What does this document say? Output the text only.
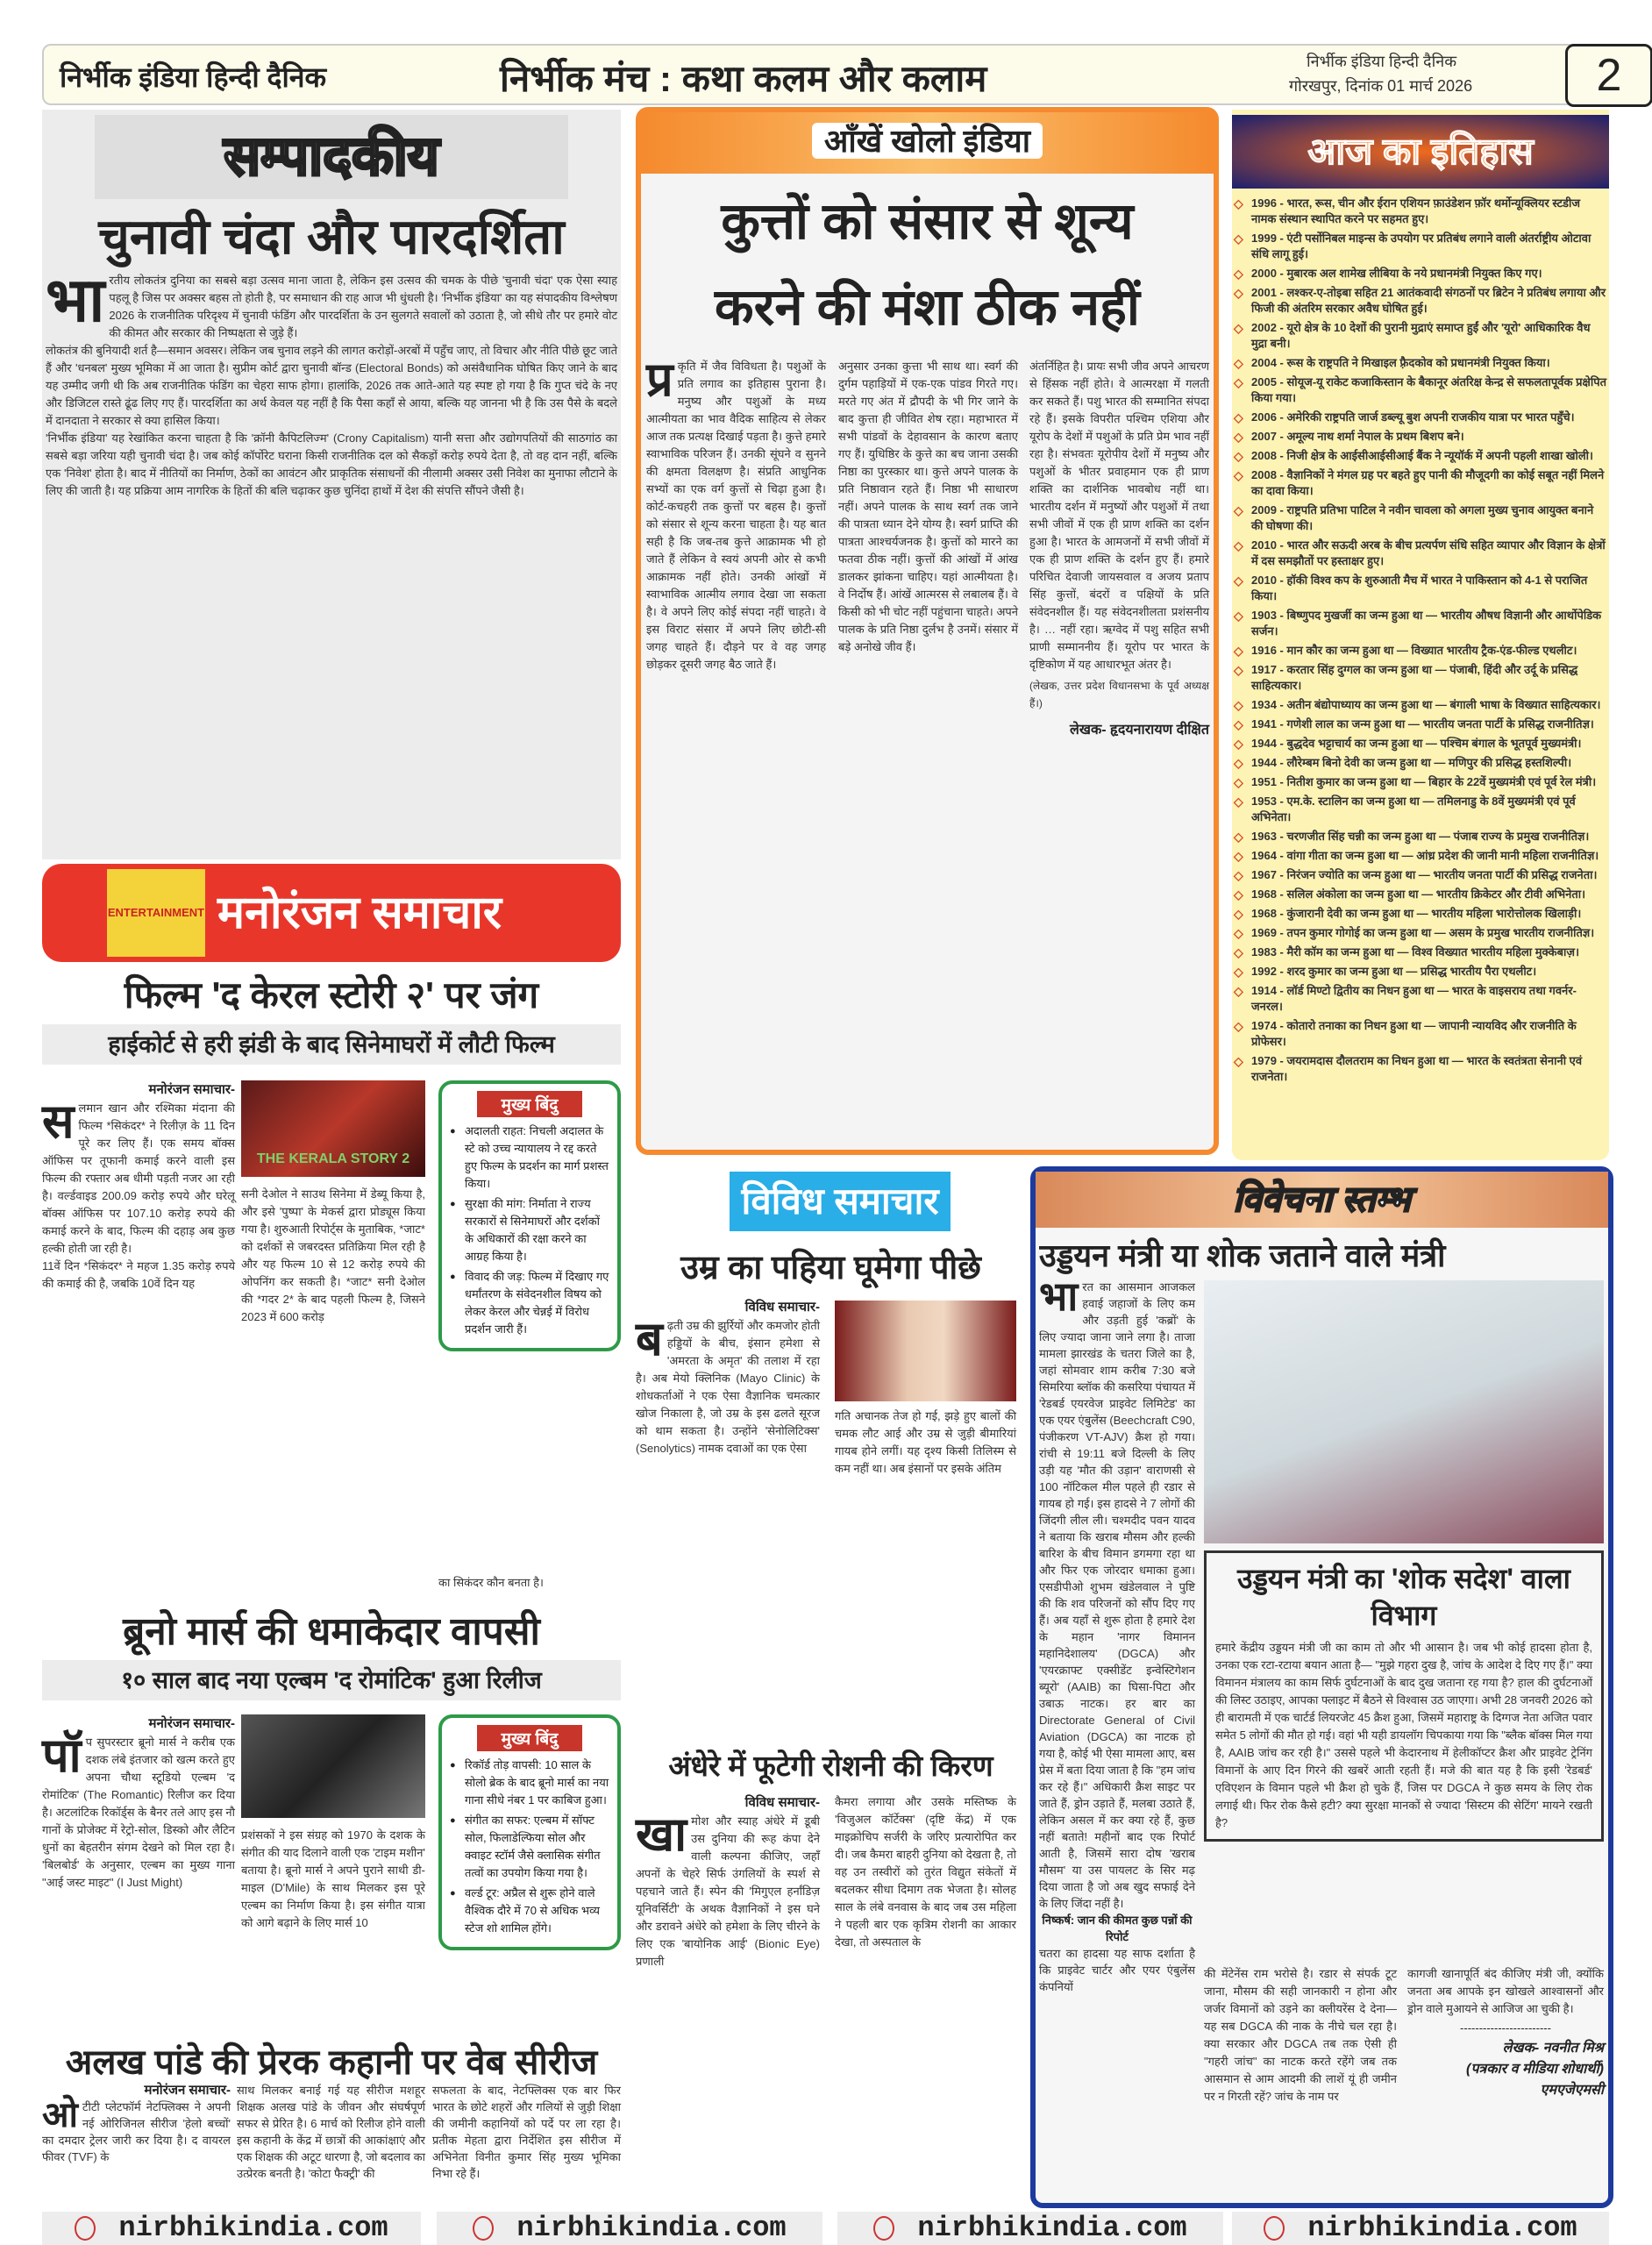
निर्भीक इंडिया हिन्दी दैनिक	निर्भीक मंच : कथा कलम और कलाम	निर्भीक इंडिया हिन्दी दैनिक
गोरखपुर, दिनांक 01 मार्च 2026	2
सम्पादकीय
चुनावी चंदा और पारदर्शिता
भा रतीय लोकतंत्र दुनिया का सबसे बड़ा उत्सव माना जाता है, लेकिन इस उत्सव की चमक के पीछे 'चुनावी चंदा' एक ऐसा स्याह पहलू है जिस पर अक्सर बहस तो होती है, पर समाधान की राह आज भी धुंधली है। 'निर्भीक इंडिया' का यह संपादकीय विश्लेषण 2026 के राजनीतिक परिदृश्य में चुनावी फंडिंग और पारदर्शिता के उन सुलगते सवालों को उठाता है, जो सीधे तौर पर हमारे वोट की कीमत और सरकार की निष्पक्षता से जुड़े हैं।

लोकतंत्र की बुनियादी शर्त है—समान अवसर। लेकिन जब चुनाव लड़ने की लागत करोड़ों-अरबों में पहुँच जाए, तो विचार और नीति पीछे छूट जाते हैं और 'धनबल' मुख्य भूमिका में आ जाता है। सुप्रीम कोर्ट द्वारा चुनावी बॉन्ड (Electoral Bonds) को असंवैधानिक घोषित किए जाने के बाद यह उम्मीद जगी थी कि अब राजनीतिक फंडिंग का चेहरा साफ होगा। हालांकि, 2026 तक आते-आते यह स्पष्ट हो गया है कि गुप्त चंदे के नए और डिजिटल रास्ते ढूंढ लिए गए हैं। पारदर्शिता का अर्थ केवल यह नहीं है कि पैसा कहाँ से आया, बल्कि यह जानना भी है कि उस पैसे के बदले में दानदाता ने सरकार से क्या हासिल किया।

'निर्भीक इंडिया' यह रेखांकित करना चाहता है कि 'क्रॉनी कैपिटलिज्म' (Crony Capitalism) यानी सत्ता और उद्योगपतियों की साठगांठ का सबसे बड़ा जरिया यही चुनावी चंदा है। जब कोई कॉर्पोरेट घराना किसी राजनीतिक दल को सैकड़ों करोड़ रुपये देता है, तो वह दान नहीं, बल्कि एक 'निवेश' होता है। बाद में नीतियों का निर्माण, ठेकों का आवंटन और प्राकृतिक संसाधनों की नीलामी अक्सर उसी निवेश का मुनाफा लौटाने के लिए की जाती है। यह प्रक्रिया आम नागरिक के हितों की बलि चढ़ाकर कुछ चुनिंदा हाथों में देश की संपत्ति सौंपने जैसी है।

ENTERTAINMENT मनोरंजन समाचार
फिल्म 'द केरल स्टोरी २' पर जंग
हाईकोर्ट से हरी झंडी के बाद सिनेमाघरों में लौटी फिल्म
मनोरंजन समाचार-
स लमान खान और रश्मिका मंदाना की फिल्म *सिकंदर* ने रिलीज़ के 11 दिन पूरे कर लिए हैं। एक समय बॉक्स ऑफिस पर तूफानी कमाई करने वाली इस फिल्म की रफ्तार अब धीमी पड़ती नजर आ रही है। वर्ल्डवाइड 200.09 करोड़ रुपये और घरेलू बॉक्स ऑफिस पर 107.10 करोड़ रुपये की कमाई करने के बाद, फिल्म की दहाड़ अब कुछ हल्की होती जा रही है।

11वें दिन *सिकंदर* ने महज 1.35 करोड़ रुपये की कमाई की है, जबकि 10वें दिन यह

THE KERALA STORY 2
सनी देओल ने साउथ सिनेमा में डेब्यू किया है, और इसे 'पुष्पा' के मेकर्स द्वारा प्रोड्यूस किया गया है। शुरुआती रिपोर्ट्स के मुताबिक, *जाट* को दर्शकों से जबरदस्त प्रतिक्रिया मिल रही है और यह फिल्म 10 से 12 करोड़ रुपये की ओपनिंग कर सकती है। *जाट* सनी देओल की *गदर 2* के बाद पहली फिल्म है, जिसने 2023 में 600 करोड़
मुख्य बिंदु
● अदालती राहत: निचली अदालत के स्टे को उच्च न्यायालय ने रद्द करते हुए फिल्म के प्रदर्शन का मार्ग प्रशस्त किया।
● सुरक्षा की मांग: निर्माता ने राज्य सरकारों से सिनेमाघरों और दर्शकों के अधिकारों की रक्षा करने का आग्रह किया है।
● विवाद की जड़: फिल्म में दिखाए गए धर्मांतरण के संवेदनशील विषय को लेकर केरल और चेन्नई में विरोध प्रदर्शन जारी हैं।
का सिकंदर कौन बनता है।
ब्रूनो मार्स की धमाकेदार वापसी
१० साल बाद नया एल्बम 'द रोमांटिक' हुआ रिलीज
मनोरंजन समाचार-
पॉ प सुपरस्टार ब्रूनो मार्स ने करीब एक दशक लंबे इंतजार को खत्म करते हुए अपना चौथा स्टूडियो एल्बम 'द रोमांटिक' (The Romantic) रिलीज कर दिया है। अटलांटिक रिकॉर्ड्स के बैनर तले आए इस नौ गानों के प्रोजेक्ट में रेट्रो-सोल, डिस्को और लैटिन धुनों का बेहतरीन संगम देखने को मिल रहा है। 'बिलबोर्ड' के अनुसार, एल्बम का मुख्य गाना "आई जस्ट माइट" (I Just Might)

प्रशंसकों ने इस संग्रह को 1970 के दशक के संगीत की याद दिलाने वाली एक 'टाइम मशीन' बताया है। ब्रूनो मार्स ने अपने पुराने साथी डी-माइल (D'Mile) के साथ मिलकर इस पूरे एल्बम का निर्माण किया है। इस संगीत यात्रा को आगे बढ़ाने के लिए मार्स 10
मुख्य बिंदु
● रिकॉर्ड तोड़ वापसी: 10 साल के सोलो ब्रेक के बाद ब्रूनो मार्स का नया गाना सीधे नंबर 1 पर काबिज हुआ।
● संगीत का सफर: एल्बम में सॉफ्ट सोल, फिलाडेल्फिया सोल और क्वाइट स्टॉर्म जैसे क्लासिक संगीत तत्वों का उपयोग किया गया है।
● वर्ल्ड टूर: अप्रैल से शुरू होने वाले वैश्विक दौरे में 70 से अधिक भव्य स्टेज शो शामिल होंगे।
अलख पांडे की प्रेरक कहानी पर वेब सीरीज
मनोरंजन समाचार-
ओ टीटी प्लेटफॉर्म नेटफ्लिक्स ने अपनी नई ओरिजिनल सीरीज 'हेलो बच्चों' का दमदार ट्रेलर जारी कर दिया है। द वायरल फीवर (TVF) के
साथ मिलकर बनाई गई यह सीरीज मशहूर शिक्षक अलख पांडे के जीवन और संघर्षपूर्ण सफर से प्रेरित है। 6 मार्च को रिलीज होने वाली इस कहानी के केंद्र में छात्रों की आकांक्षाएं और एक शिक्षक की अटूट धारणा है, जो बदलाव का उत्प्रेरक बनती है। 'कोटा फैक्ट्री' की
सफलता के बाद, नेटफ्लिक्स एक बार फिर भारत के छोटे शहरों और गलियों से जुड़ी शिक्षा की जमीनी कहानियों को पर्दे पर ला रहा है। प्रतीक मेहता द्वारा निर्देशित इस सीरीज में अभिनेता विनीत कुमार सिंह मुख्य भूमिका निभा रहे हैं।
आँखें खोलो इंडिया
कुत्तों को संसार से शून्य
करने की मंशा ठीक नहीं
प्र कृति में जैव विविधता है। पशुओं के प्रति लगाव का इतिहास पुराना है। मनुष्य और पशुओं के मध्य आत्मीयता का भाव वैदिक साहित्य से लेकर आज तक प्रत्यक्ष दिखाई पड़ता है। कुत्ते हमारे स्वाभाविक परिजन हैं। उनकी सूंघने व सुनने की क्षमता विलक्षण है। संप्रति आधुनिक सभ्यों का एक वर्ग कुत्तों से चिढ़ा हुआ है। कोर्ट-कचहरी तक कुत्तों पर बहस है। कुत्तों को संसार से शून्य करना चाहता है। यह बात सही है कि जब-तब कुत्ते आक्रामक भी हो जाते हैं लेकिन वे स्वयं अपनी ओर से कभी आक्रामक नहीं होते। उनकी आंखों में स्वाभाविक आत्मीय लगाव देखा जा सकता है। वे अपने लिए कोई संपदा नहीं चाहते। वे इस विराट संसार में अपने लिए छोटी-सी जगह चाहते हैं। दौड़ने पर वे वह जगह छोड़कर दूसरी जगह बैठ जाते हैं।
अनुसार उनका कुत्ता भी साथ था। स्वर्ग की दुर्गम पहाड़ियों में एक-एक पांडव गिरते गए। मरते गए अंत में द्रौपदी के भी गिर जाने के बाद कुत्ता ही जीवित शेष रहा। महाभारत में सभी पांडवों के देहावसान के कारण बताए गए हैं। युधिष्ठिर के कुत्ते का बच जाना उसकी निष्ठा का पुरस्कार था। कुत्ते अपने पालक के प्रति निष्ठावान रहते हैं। निष्ठा भी साधारण नहीं। अपने पालक के साथ स्वर्ग तक जाने की पात्रता ध्यान देने योग्य है। स्वर्ग प्राप्ति की पात्रता आश्चर्यजनक है। कुत्तों को मारने का फतवा ठीक नहीं। कुत्तों की आंखों में आंख डालकर झांकना चाहिए। यहां आत्मीयता है। वे निर्दोष हैं। आंखें आत्मरस से लबालब हैं। वे किसी को भी चोट नहीं पहुंचाना चाहते। अपने पालक के प्रति निष्ठा दुर्लभ है उनमें। संसार में बड़े अनोखे जीव हैं।
अंतर्निहित है। प्रायः सभी जीव अपने आचरण से हिंसक नहीं होते। वे आत्मरक्षा में गलती कर सकते हैं। पशु भारत की सम्मानित संपदा रहे हैं। इसके विपरीत पश्चिम एशिया और यूरोप के देशों में पशुओं के प्रति प्रेम भाव नहीं रहा है। संभवतः यूरोपीय देशों में मनुष्य और पशुओं के भीतर प्रवाहमान एक ही प्राण शक्ति का दार्शनिक भावबोध नहीं था। भारतीय दर्शन में मनुष्यों और पशुओं में तथा सभी जीवों में एक ही प्राण शक्ति का दर्शन हुआ है। भारत के आमजनों में सभी जीवों में एक ही प्राण शक्ति के दर्शन हुए हैं। हमारे परिचित देवाजी जायसवाल व अजय प्रताप सिंह कुत्तों, बंदरों व पक्षियों के प्रति संवेदनशील हैं। यह संवेदनशीलता प्रशंसनीय है। … नहीं रहा। ऋग्वेद में पशु सहित सभी प्राणी सम्माननीय हैं। यूरोप पर भारत के दृष्टिकोण में यह आधारभूत अंतर है।
(लेखक, उत्तर प्रदेश विधानसभा के पूर्व अध्यक्ष हैं।)
लेखक- हृदयनारायण दीक्षित
विविध समाचार
उम्र का पहिया घूमेगा पीछे
विविध समाचार-
ब ढ़ती उम्र की झुर्रियों और कमजोर होती हड्डियों के बीच, इंसान हमेशा से 'अमरता के अमृत' की तलाश में रहा है। अब मेयो क्लिनिक (Mayo Clinic) के शोधकर्ताओं ने एक ऐसा वैज्ञानिक चमत्कार खोज निकाला है, जो उम्र के इस ढलते सूरज को थाम सकता है। उन्होंने 'सेनोलिटिक्स' (Senolytics) नामक दवाओं का एक ऐसा
गति अचानक तेज हो गई, झड़े हुए बालों की चमक लौट आई और उम्र से जुड़ी बीमारियां गायब होने लगीं। यह दृश्य किसी तिलिस्म से कम नहीं था। अब इंसानों पर इसके अंतिम
अंधेरे में फूटेगी रोशनी की किरण
विविध समाचार-
खा मोश और स्याह अंधेरे में डूबी उस दुनिया की रूह कंपा देने वाली कल्पना कीजिए, जहाँ अपनों के चेहरे सिर्फ उंगलियों के स्पर्श से पहचाने जाते हैं। स्पेन की 'मिगुएल हर्नांडिज़ यूनिवर्सिटी' के अथक वैज्ञानिकों ने इस घने और डरावने अंधेरे को हमेशा के लिए चीरने के लिए एक 'बायोनिक आई' (Bionic Eye) प्रणाली
कैमरा लगाया और उसके मस्तिष्क के 'विजुअल कॉर्टेक्स' (दृष्टि केंद्र) में एक माइक्रोचिप सर्जरी के जरिए प्रत्यारोपित कर दी। जब कैमरा बाहरी दुनिया को देखता है, तो वह उन तस्वीरों को तुरंत विद्युत संकेतों में बदलकर सीधा दिमाग तक भेजता है। सोलह साल के लंबे वनवास के बाद जब उस महिला ने पहली बार एक कृत्रिम रोशनी का आकार देखा, तो अस्पताल के
आज का इतिहास
◇ 1996 - भारत, रूस, चीन और ईरान एशियन फ़ाउंडेशन फ़ॉर थर्मोन्यूक्लियर स्टडीज नामक संस्थान स्थापित करने पर सहमत हुए।
◇ 1999 - एंटी पर्सोनिबल माइन्स के उपयोग पर प्रतिबंध लगाने वाली अंतर्राष्ट्रीय ओटावा संधि लागू हुई।
◇ 2000 - मुबारक अल शामेख लीबिया के नये प्रधानमंत्री नियुक्त किए गए।
◇ 2001 - लश्कर-ए-तोइबा सहित 21 आतंकवादी संगठनों पर ब्रिटेन ने प्रतिबंध लगाया और फिजी की अंतरिम सरकार अवैध घोषित हुई।
◇ 2002 - यूरो क्षेत्र के 10 देशों की पुरानी मुद्राएं समाप्त हुईं और 'यूरो' आधिकारिक वैध मुद्रा बनी।
◇ 2004 - रूस के राष्ट्रपति ने मिखाइल फ़्रैदकोव को प्रधानमंत्री नियुक्त किया।
◇ 2005 - सोयूज-यू राकेट कजाकिस्तान के बैकानूर अंतरिक्ष केन्द्र से सफलतापूर्वक प्रक्षेपित किया गया।
◇ 2006 - अमेरिकी राष्ट्रपति जार्ज डब्ल्यू बुश अपनी राजकीय यात्रा पर भारत पहुँचे।
◇ 2007 - अमूल्य नाथ शर्मा नेपाल के प्रथम बिशप बने।
◇ 2008 - निजी क्षेत्र के आईसीआईसीआई बैंक ने न्यूयॉर्क में अपनी पहली शाखा खोली।
◇ 2008 - वैज्ञानिकों ने मंगल ग्रह पर बहते हुए पानी की मौजूदगी का कोई सबूत नहीं मिलने का दावा किया।
◇ 2009 - राष्ट्रपति प्रतिभा पाटिल ने नवीन चावला को अगला मुख्य चुनाव आयुक्त बनाने की घोषणा की।
◇ 2010 - भारत और सऊदी अरब के बीच प्रत्यर्पण संधि सहित व्यापार और विज्ञान के क्षेत्रों में दस समझौतों पर हस्ताक्षर हुए।
◇ 2010 - हॉकी विश्व कप के शुरुआती मैच में भारत ने पाकिस्तान को 4-1 से पराजित किया।
◇ 1903 - बिष्णुपद मुखर्जी का जन्म हुआ था — भारतीय औषध विज्ञानी और आर्थोपेडिक सर्जन।
◇ 1916 - मान कौर का जन्म हुआ था — विख्यात भारतीय ट्रैक-एंड-फील्ड एथलीट।
◇ 1917 - करतार सिंह दुग्गल का जन्म हुआ था — पंजाबी, हिंदी और उर्दू के प्रसिद्ध साहित्यकार।
◇ 1934 - अतीन बंद्योपाध्याय का जन्म हुआ था — बंगाली भाषा के विख्यात साहित्यकार।
◇ 1941 - गणेशी लाल का जन्म हुआ था — भारतीय जनता पार्टी के प्रसिद्ध राजनीतिज्ञ।
◇ 1944 - बुद्धदेव भट्टाचार्य का जन्म हुआ था — पश्चिम बंगाल के भूतपूर्व मुख्यमंत्री।
◇ 1944 - लौरेम्बम बिनो देवी का जन्म हुआ था — मणिपुर की प्रसिद्ध हस्तशिल्पी।
◇ 1951 - नितीश कुमार का जन्म हुआ था — बिहार के 22वें मुख्यमंत्री एवं पूर्व रेल मंत्री।
◇ 1953 - एम.के. स्टालिन का जन्म हुआ था — तमिलनाडु के 8वें मुख्यमंत्री एवं पूर्व अभिनेता।
◇ 1963 - चरणजीत सिंह चन्नी का जन्म हुआ था — पंजाब राज्य के प्रमुख राजनीतिज्ञ।
◇ 1964 - वांगा गीता का जन्म हुआ था — आंध्र प्रदेश की जानी मानी महिला राजनीतिज्ञ।
◇ 1967 - निरंजन ज्योति का जन्म हुआ था — भारतीय जनता पार्टी की प्रसिद्ध राजनेता।
◇ 1968 - सलिल अंकोला का जन्म हुआ था — भारतीय क्रिकेटर और टीवी अभिनेता।
◇ 1968 - कुंजारानी देवी का जन्म हुआ था — भारतीय महिला भारोत्तोलक खिलाड़ी।
◇ 1969 - तपन कुमार गोगोई का जन्म हुआ था — असम के प्रमुख भारतीय राजनीतिज्ञ।
◇ 1983 - मैरी कॉम का जन्म हुआ था — विश्व विख्यात भारतीय महिला मुक्केबाज़।
◇ 1992 - शरद कुमार का जन्म हुआ था — प्रसिद्ध भारतीय पैरा एथलीट।
◇ 1914 - लॉर्ड मिण्टो द्वितीय का निधन हुआ था — भारत के वाइसराय तथा गवर्नर-जनरल।
◇ 1974 - कोतारो तनाका का निधन हुआ था — जापानी न्यायविद और राजनीति के प्रोफेसर।
◇ 1979 - जयरामदास दौलतराम का निधन हुआ था — भारत के स्वतंत्रता सेनानी एवं राजनेता।
विवेचना स्तम्भ
उड्डयन मंत्री या शोक जताने वाले मंत्री
भा रत का आसमान आजकल हवाई जहाजों के लिए कम और उड़ती हुई 'कब्रों' के लिए ज्यादा जाना जाने लगा है। ताजा मामला झारखंड के चतरा जिले का है, जहां सोमवार शाम करीब 7:30 बजे सिमरिया ब्लॉक की कसरिया पंचायत में 'रेडबर्ड एयरवेज प्राइवेट लिमिटेड' का एक एयर एंबुलेंस (Beechcraft C90, पंजीकरण VT-AJV) क्रैश हो गया। रांची से 19:11 बजे दिल्ली के लिए उड़ी यह 'मौत की उड़ान' वाराणसी से 100 नॉटिकल मील पहले ही रडार से गायब हो गई। इस हादसे ने 7 लोगों की जिंदगी लील ली। चश्मदीद पवन यादव ने बताया कि खराब मौसम और हल्की बारिश के बीच विमान डगमगा रहा था और फिर एक जोरदार धमाका हुआ। एसडीपीओ शुभम खंडेलवाल ने पुष्टि की कि शव परिजनों को सौंप दिए गए हैं। अब यहाँ से शुरू होता है हमारे देश के महान 'नागर विमानन महानिदेशालय' (DGCA) और 'एयरक्राफ्ट एक्सीडेंट इन्वेस्टिगेशन ब्यूरो' (AAIB) का घिसा-पिटा और उबाऊ नाटक। हर बार का Directorate General of Civil Aviation (DGCA) का नाटक हो गया है, कोई भी ऐसा मामला आए, बस प्रेस में बता दिया जाता है कि "हम जांच कर रहे हैं।" अधिकारी क्रैश साइट पर जाते हैं, ड्रोन उड़ाते हैं, मलबा उठाते हैं, लेकिन असल में कर क्या रहे हैं, कुछ नहीं बताते! महीनों बाद एक रिपोर्ट आती है, जिसमें सारा दोष 'खराब मौसम' या उस पायलट के सिर मढ़ दिया जाता है जो अब खुद सफाई देने के लिए जिंदा नहीं है।
निष्कर्ष: जान की कीमत कुछ पन्नों की रिपोर्ट
चतरा का हादसा यह साफ दर्शाता है कि प्राइवेट चार्टर और एयर एंबुलेंस कंपनियों
उड्डयन मंत्री का 'शोक सदेश' वाला विभाग
हमारे केंद्रीय उड्डयन मंत्री जी का काम तो और भी आसान है। जब भी कोई हादसा होता है, उनका एक रटा-रटाया बयान आता है— "मुझे गहरा दुख है, जांच के आदेश दे दिए गए हैं।" क्या विमानन मंत्रालय का काम सिर्फ दुर्घटनाओं के बाद दुख जताना रह गया है? हाल की दुर्घटनाओं की लिस्ट उठाइए, आपका फ्लाइट में बैठने से विश्वास उठ जाएगा। अभी 28 जनवरी 2026 को ही बारामती में एक चार्टर्ड लियरजेट 45 क्रैश हुआ, जिसमें महाराष्ट्र के दिग्गज नेता अजित पवार समेत 5 लोगों की मौत हो गई। वहां भी यही डायलॉग चिपकाया गया कि "ब्लैक बॉक्स मिल गया है, AAIB जांच कर रही है।" उससे पहले भी केदारनाथ में हेलीकॉप्टर क्रैश और प्राइवेट ट्रेनिंग विमानों के आए दिन गिरने की खबरें आती रहती हैं। मजे की बात यह है कि इसी 'रेडबर्ड' एविएशन के विमान पहले भी क्रैश हो चुके हैं, जिस पर DGCA ने कुछ समय के लिए रोक लगाई थी। फिर रोक कैसे हटी? क्या सुरक्षा मानकों से ज्यादा 'सिस्टम की सेटिंग' मायने रखती है?
की मेंटेनेंस राम भरोसे है। रडार से संपर्क टूट जाना, मौसम की सही जानकारी न होना और जर्जर विमानों को उड़ने का क्लीयरेंस दे देना—यह सब DGCA की नाक के नीचे चल रहा है। क्या सरकार और DGCA तब तक ऐसी ही "गहरी जांच" का नाटक करते रहेंगे जब तक आसमान से आम आदमी की लाशें यूं ही जमीन पर न गिरती रहें? जांच के नाम पर
कागजी खानापूर्ति बंद कीजिए मंत्री जी, क्योंकि जनता अब आपके इन खोखले आश्वासनों और ड्रोन वाले मुआयने से आजिज आ चुकी है।
------------------------
लेखक- नवनीत मिश्र
(पत्रकार व मीडिया शोधार्थी)
एमएजेएमसी
nirbhikindia.com	nirbhikindia.com	nirbhikindia.com	nirbhikindia.com
